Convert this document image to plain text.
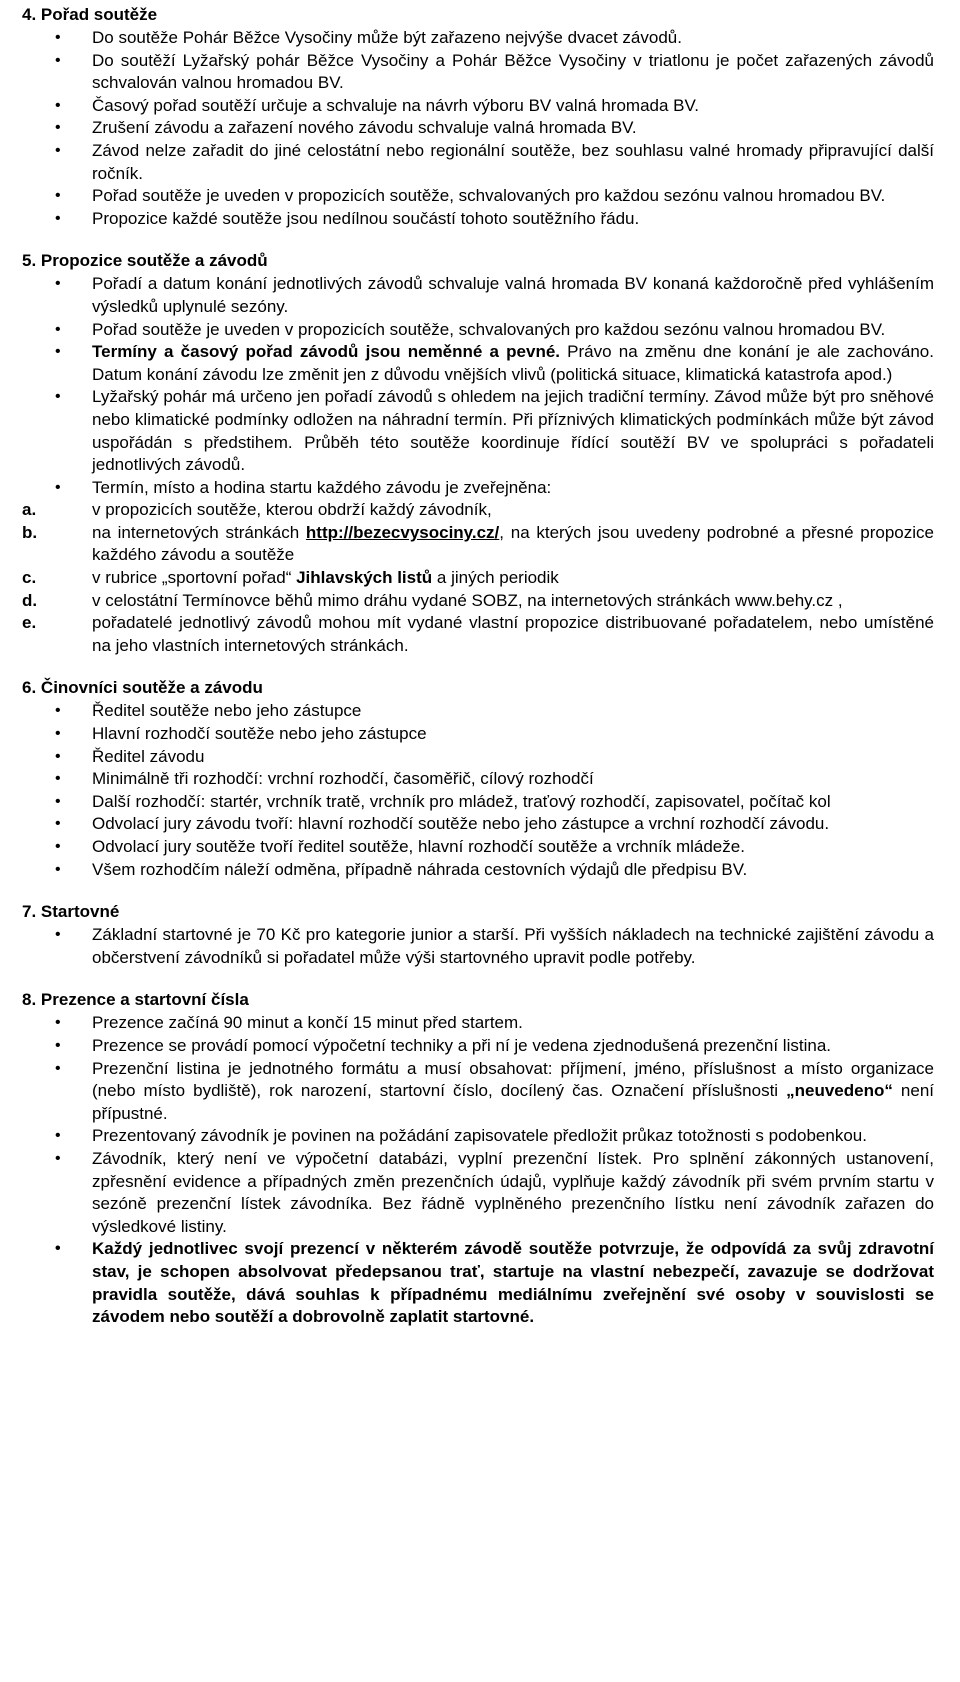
4. Pořad soutěže
• Do soutěže Pohár Běžce Vysočiny může být zařazeno nejvýše dvacet závodů.
• Do soutěží Lyžařský pohár Běžce Vysočiny a Pohár Běžce Vysočiny v triatlonu je počet zařazených závodů schvalován valnou hromadou BV.
• Časový pořad soutěží určuje a schvaluje na návrh výboru BV valná hromada BV.
• Zrušení závodu a zařazení nového závodu schvaluje valná hromada BV.
• Závod nelze zařadit do jiné celostátní nebo regionální soutěže, bez souhlasu valné hromady připravující další ročník.
• Pořad soutěže je uveden v propozicích soutěže, schvalovaných pro každou sezónu valnou hromadou BV.
• Propozice každé soutěže jsou nedílnou součástí tohoto soutěžního řádu.
5. Propozice soutěže a závodů
• Pořadí a datum konání jednotlivých závodů schvaluje valná hromada BV konaná každoročně před vyhlášením výsledků uplynulé sezóny.
• Pořad soutěže je uveden v propozicích soutěže, schvalovaných pro každou sezónu valnou hromadou BV.
• Termíny a časový pořad závodů jsou neměnné a pevné. Právo na změnu dne konání je ale zachováno. Datum konání závodu lze změnit jen z důvodu vnějších vlivů (politická situace, klimatická katastrofa apod.)
• Lyžařský pohár má určeno jen pořadí závodů s ohledem na jejich tradiční termíny. Závod může být pro sněhové nebo klimatické podmínky odložen na náhradní termín. Při příznivých klimatických podmínkách může být závod uspořádán s předstihem. Průběh této soutěže koordinuje řídící soutěží BV ve spolupráci s pořadateli jednotlivých závodů.
• Termín, místo a hodina startu každého závodu je zveřejněna:
a.	v propozicích soutěže, kterou obdrží každý závodník,
b.	na internetových stránkách http://bezecvysociny.cz/, na kterých jsou uvedeny podrobné a přesné propozice každého závodu a soutěže
c.	v rubrice „sportovní pořad“ Jihlavských listů a jiných periodik
d.	v celostátní Termínovce běhů mimo dráhu vydané SOBZ, na internetových stránkách www.behy.cz ,
e.	pořadatelé jednotlivý závodů mohou mít vydané vlastní propozice distribuované pořadatelem, nebo umístěné na jeho vlastních internetových stránkách.
6. Činovníci soutěže a závodu
• Ředitel soutěže nebo jeho zástupce
• Hlavní rozhodčí soutěže nebo jeho zástupce
• Ředitel závodu
• Minimálně tři rozhodčí: vrchní rozhodčí, časoměřič, cílový rozhodčí
• Další rozhodčí: startér, vrchník tratě, vrchník pro mládež, traťový rozhodčí, zapisovatel, počítač kol
• Odvolací jury závodu tvoří: hlavní rozhodčí soutěže nebo jeho zástupce a vrchní rozhodčí závodu.
• Odvolací jury soutěže tvoří ředitel soutěže, hlavní rozhodčí soutěže a vrchník mládeže.
• Všem rozhodčím náleží odměna, případně náhrada cestovních výdajů dle předpisu BV.
7. Startovné
• Základní startovné je 70 Kč pro kategorie junior a starší. Při vyšších nákladech na technické zajištění závodu a občerstvení závodníků si pořadatel může výši startovného upravit podle potřeby.
8. Prezence a startovní čísla
• Prezence začíná 90 minut a končí 15 minut před startem.
• Prezence se provádí pomocí výpočetní techniky a při ní je vedena zjednodušená prezenční listina.
• Prezenční listina je jednotného formátu a musí obsahovat: příjmení, jméno, příslušnost a místo organizace (nebo místo bydliště), rok narození, startovní číslo, docílený čas. Označení příslušnosti „neuvedeno“ není přípustné.
• Prezentovaný závodník je povinen na požádání zapisovatele předložit průkaz totožnosti s podobenkou.
• Závodník, který není ve výpočetní databázi, vyplní prezenční lístek. Pro splnění zákonných ustanovení, zpřesnění evidence a případných změn prezenčních údajů, vyplňuje každý závodník při svém prvním startu v sezóně prezenční lístek závodníka. Bez řádně vyplněného prezenčního lístku není závodník zařazen do výsledkové listiny.
• Každý jednotlivec svojí prezencí v některém závodě soutěže potvrzuje, že odpovídá za svůj zdravotní stav, je schopen absolvovat předepsanou trať, startuje na vlastní nebezpečí, zavazuje se dodržovat pravidla soutěže, dává souhlas k případnému mediálnímu zveřejnění své osoby v souvislosti se závodem nebo soutěží a dobrovolně zaplatit startovné.
